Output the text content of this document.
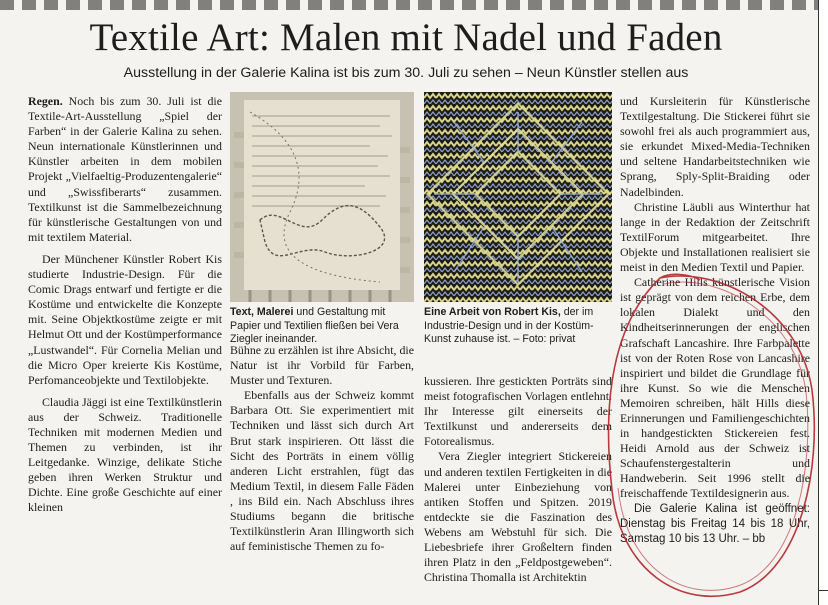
Textile Art: Malen mit Nadel und Faden
Ausstellung in der Galerie Kalina ist bis zum 30. Juli zu sehen – Neun Künstler stellen aus

Regen. Noch bis zum 30. Juli ist die Textile-Art-Ausstellung „Spiel der Farben“ in der Galerie Kalina zu sehen. Neun internationale Künstlerinnen und Künstler arbeiten in dem mobilen Projekt „Vielfaeltig-Produzentengalerie“ und „Swissfiberarts“ zusammen. Textilkunst ist die Sammelbezeichnung für künstlerische Gestaltungen von und mit textilem Material.

Der Münchener Künstler Robert Kis studierte Industrie-Design. Für die Comic Drags entwarf und fertigte er die Kostüme und entwickelte die Konzepte mit. Seine Objektkostüme zeigte er mit Helmut Ott und der Kostümperformance „Lustwandel“. Für Cornelia Melian und die Micro Oper kreierte Kis Kostüme, Perfomanceobjekte und Textilobjekte.

Claudia Jäggi ist eine Textilkünstlerin aus der Schweiz. Traditionelle Techniken mit modernen Medien und Themen zu verbinden, ist ihr Leitgedanke. Winzige, delikate Stiche geben ihren Werken Struktur und Dichte. Eine große Geschichte auf einer kleinen

Text, Malerei und Gestaltung mit Papier und Textilien fließen bei Vera Ziegler ineinander.
Eine Arbeit von Robert Kis, der im Industrie-Design und in der Kostüm-Kunst zuhause ist. – Foto: privat

Bühne zu erzählen ist ihre Absicht, die Natur ist ihr Vorbild für Farben, Muster und Texturen.

Ebenfalls aus der Schweiz kommt Barbara Ott. Sie experimentiert mit Techniken und lässt sich durch Art Brut stark inspirieren. Ott lässt die Sicht des Porträts in einem völlig anderen Licht erstrahlen, fügt das Medium Textil, in diesem Falle Fäden , ins Bild ein. Nach Abschluss ihres Studiums begann die britische Textilkünstlerin Aran Illingworth sich auf feministische Themen zu fo-

kussieren. Ihre gestickten Porträts sind meist fotografischen Vorlagen entlehnt. Ihr Interesse gilt einerseits der Textilkunst und andererseits dem Fotorealismus.

Vera Ziegler integriert Stickereien und anderen textilen Fertigkeiten in die Malerei unter Einbeziehung von antiken Stoffen und Spitzen. 2019 entdeckte sie die Faszination des Webens am Webstuhl für sich. Die Liebesbriefe ihrer Großeltern finden ihren Platz in den „Feldpostgeweben“. Christina Thomalla ist Architektin

und Kursleiterin für Künstlerische Textilgestaltung. Die Stickerei führt sie sowohl frei als auch programmiert aus, sie erkundet Mixed-Media-Techniken und seltene Handarbeitstechniken wie Sprang, Sply-Split-Braiding oder Nadelbinden.

Christine Läubli aus Winterthur hat lange in der Redaktion der Zeitschrift TextilForum mitgearbeitet. Ihre Objekte und Installationen realisiert sie meist in den Medien Textil und Papier.

Catherine Hills künstlerische Vision ist geprägt von dem reichen Erbe, dem lokalen Dialekt und den Kindheitserinnerungen der englischen Grafschaft Lancashire. Ihre Farbpalette ist von der Roten Rose von Lancashire inspiriert und bildet die Grundlage für ihre Kunst. So wie die Menschen Memoiren schreiben, hält Hills diese Erinnerungen und Familiengeschichten in handgestickten Stickereien fest. Heidi Arnold aus der Schweiz ist Schaufenstergestalterin und Handweberin. Seit 1996 stellt die freischaffende Textildesignerin aus.

Die Galerie Kalina ist geöffnet: Dienstag bis Freitag 14 bis 18 Uhr, Samstag 10 bis 13 Uhr. – bb
